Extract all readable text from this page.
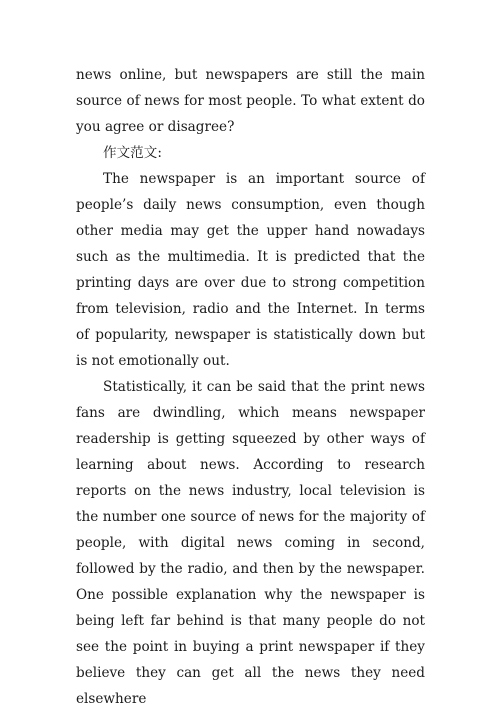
news online, but newspapers are still the main source of news for most people. To what extent do you agree or disagree?

作文范文:

The newspaper is an important source of people’s daily news consumption, even though other media may get the upper hand nowadays such as the multimedia. It is predicted that the printing days are over due to strong competition from television, radio and the Internet. In terms of popularity, newspaper is statistically down but is not emotionally out.

Statistically, it can be said that the print news fans are dwindling, which means newspaper readership is getting squeezed by other ways of learning about news. According to research reports on the news industry, local television is the number one source of news for the majority of people, with digital news coming in second, followed by the radio, and then by the newspaper. One possible explanation why the newspaper is being left far behind is that many people do not see the point in buying a print newspaper if they believe they can get all the news they need elsewhere
